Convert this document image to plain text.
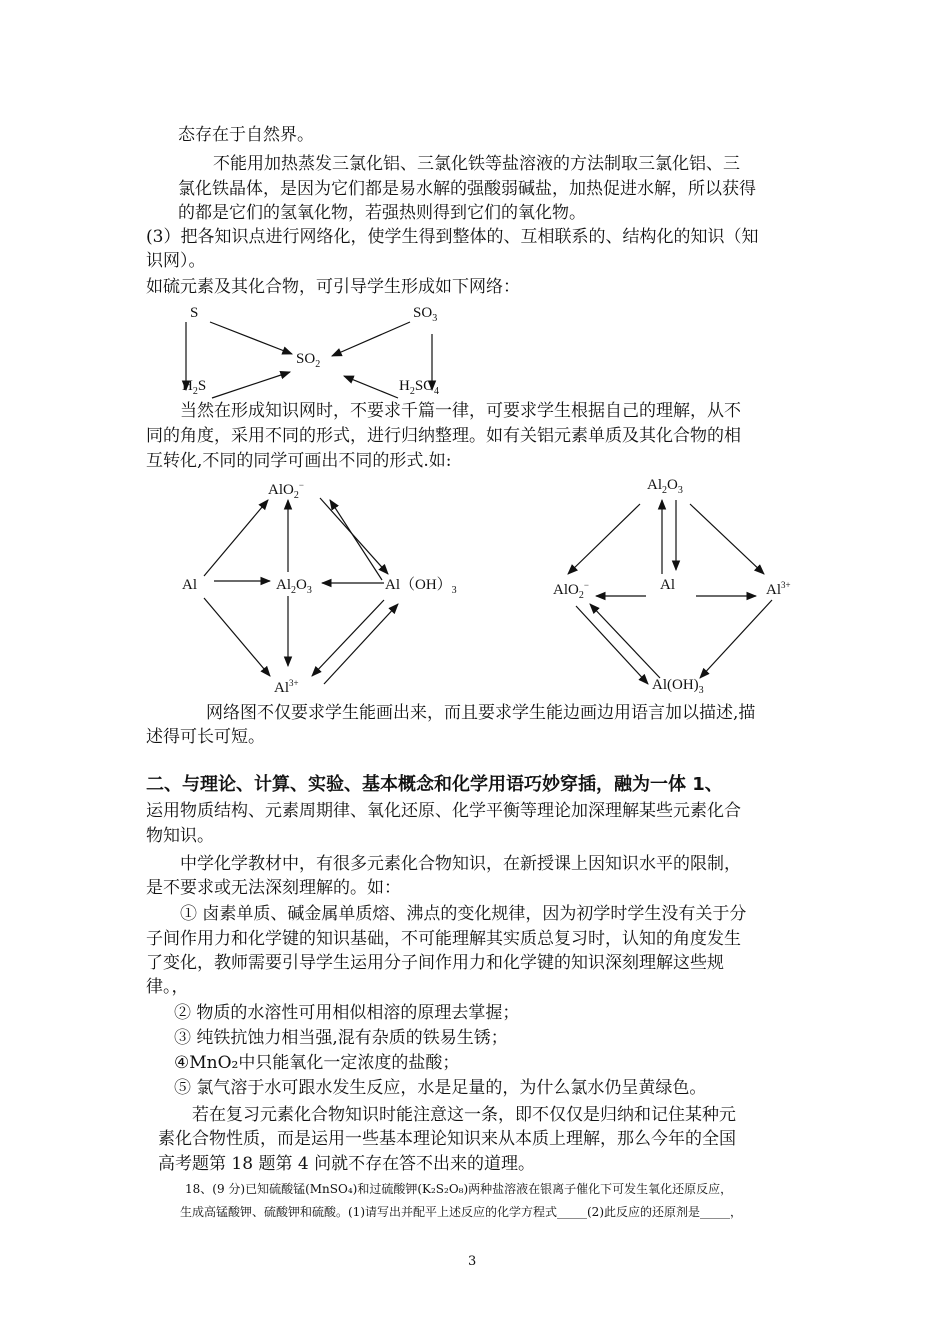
态存在于自然界。
不能用加热蒸发三氯化铝、三氯化铁等盐溶液的方法制取三氯化铝、三
氯化铁晶体，是因为它们都是易水解的强酸弱碱盐，加热促进水解，所以获得
的都是它们的氢氧化物，若强热则得到它们的氧化物。
(3）把各知识点进行网络化，使学生得到整体的、互相联系的、结构化的知识（知
识网）。
如硫元素及其化合物，可引导学生形成如下网络：
S	$SO_3$
$SO_2$
$H_2S$	$H_2SO_4$
当然在形成知识网时，不要求千篇一律，可要求学生根据自己的理解，从不
同的角度，采用不同的形式，进行归纳整理。如有关铝元素单质及其化合物的相
互转化,不同的同学可画出不同的形式.如:
AlO$_2$−
Al	$Al_2O_3$	$Al(OH)_3$
$Al^{3+}$
$Al_2O_3$
AlO$_2$−	Al	$Al^{3+}$
$Al(OH)_3$
网络图不仅要求学生能画出来，而且要求学生能边画边用语言加以描述,描
述得可长可短。
二、与理论、计算、实验、基本概念和化学用语巧妙穿插，融为一体 1、
运用物质结构、元素周期律、氧化还原、化学平衡等理论加深理解某些元素化合
物知识。
中学化学教材中，有很多元素化合物知识，在新授课上因知识水平的限制，
是不要求或无法深刻理解的。如：
① 卤素单质、碱金属单质熔、沸点的变化规律，因为初学时学生没有关于分
子间作用力和化学键的知识基础，不可能理解其实质总复习时，认知的角度发生
了变化，教师需要引导学生运用分子间作用力和化学键的知识深刻理解这些规
律。，
② 物质的水溶性可用相似相溶的原理去掌握；
③ 纯铁抗蚀力相当强,混有杂质的铁易生锈；
④MnO₂中只能氧化一定浓度的盐酸；
⑤ 氯气溶于水可跟水发生反应，水是足量的，为什么氯水仍呈黄绿色。
若在复习元素化合物知识时能注意这一条，即不仅仅是归纳和记住某种元
素化合物性质，而是运用一些基本理论知识来从本质上理解，那么今年的全国
高考题第 18 题第 4 问就不存在答不出来的道理。
18、(9 分)已知硫酸锰(MnSO₄)和过硫酸钾(K₂S₂O₈)两种盐溶液在银离子催化下可发生氧化还原反应，
生成高锰酸钾、硫酸钾和硫酸。(1)请写出并配平上述反应的化学方程式_____(2)此反应的还原剂是_____，
3
